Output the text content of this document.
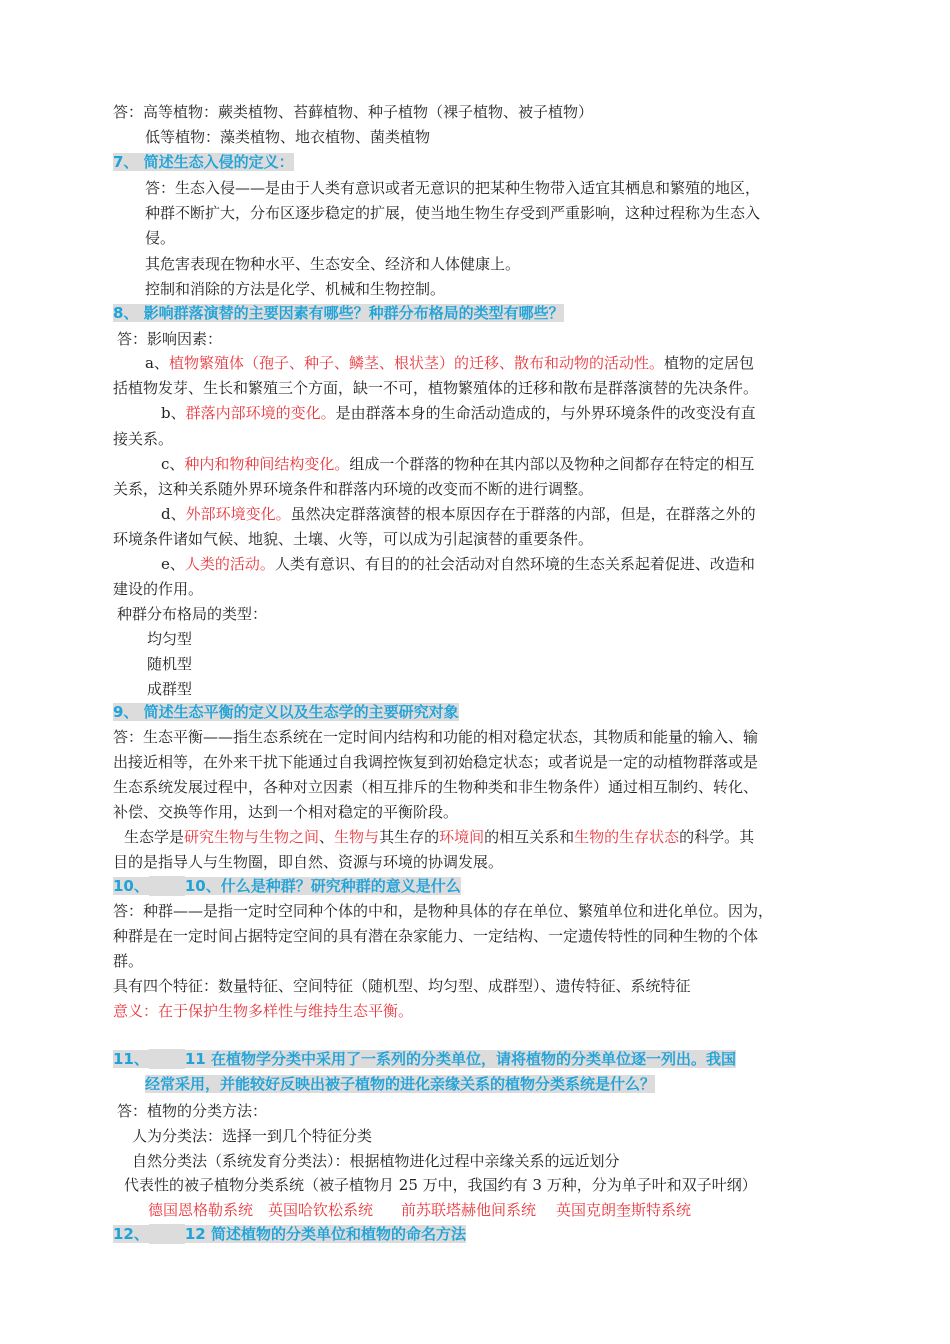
答：高等植物：蕨类植物、苔藓植物、种子植物（裸子植物、被子植物）
低等植物：藻类植物、地衣植物、菌类植物
7、 简述生态入侵的定义：
答：生态入侵——是由于人类有意识或者无意识的把某种生物带入适宜其栖息和繁殖的地区，
种群不断扩大，分布区逐步稳定的扩展，使当地生物生存受到严重影响，这种过程称为生态入
侵。
其危害表现在物种水平、生态安全、经济和人体健康上。
控制和消除的方法是化学、机械和生物控制。
8、 影响群落演替的主要因素有哪些？种群分布格局的类型有哪些？
答：影响因素：
a、植物繁殖体（孢子、种子、鳞茎、根状茎）的迁移、散布和动物的活动性。植物的定居包
括植物发芽、生长和繁殖三个方面，缺一不可，植物繁殖体的迁移和散布是群落演替的先决条件。
b、群落内部环境的变化。是由群落本身的生命活动造成的，与外界环境条件的改变没有直
接关系。
c、种内和物种间结构变化。组成一个群落的物种在其内部以及物种之间都存在特定的相互
关系，这种关系随外界环境条件和群落内环境的改变而不断的进行调整。
d、外部环境变化。虽然决定群落演替的根本原因存在于群落的内部，但是，在群落之外的
环境条件诸如气候、地貌、土壤、火等，可以成为引起演替的重要条件。
e、人类的活动。人类有意识、有目的的社会活动对自然环境的生态关系起着促进、改造和
建设的作用。
种群分布格局的类型：
均匀型
随机型
成群型
9、 简述生态平衡的定义以及生态学的主要研究对象
答：生态平衡——指生态系统在一定时间内结构和功能的相对稳定状态，其物质和能量的输入、输
出接近相等，在外来干扰下能通过自我调控恢复到初始稳定状态；或者说是一定的动植物群落或是
生态系统发展过程中，各种对立因素（相互排斥的生物种类和非生物条件）通过相互制约、转化、
补偿、交换等作用，达到一个相对稳定的平衡阶段。
生态学是研究生物与生物之间、生物与其生存的环境间的相互关系和生物的生存状态的科学。其
目的是指导人与生物圈，即自然、资源与环境的协调发展。
10、 10、什么是种群？研究种群的意义是什么
答：种群——是指一定时空同种个体的中和，是物种具体的存在单位、繁殖单位和进化单位。因为，
种群是在一定时间占据特定空间的具有潜在杂家能力、一定结构、一定遗传特性的同种生物的个体
群。
具有四个特征：数量特征、空间特征（随机型、均匀型、成群型）、遗传特征、系统特征
意义：在于保护生物多样性与维持生态平衡。
11、 11 在植物学分类中采用了一系列的分类单位，请将植物的分类单位逐一列出。我国
经常采用，并能较好反映出被子植物的进化亲缘关系的植物分类系统是什么？
答：植物的分类方法：
人为分类法：选择一到几个特征分类
自然分类法（系统发育分类法）：根据植物进化过程中亲缘关系的远近划分
代表性的被子植物分类系统（被子植物月 25 万中，我国约有 3 万种，分为单子叶和双子叶纲）
德国恩格勒系统 英国哈钦松系统 前苏联塔赫他间系统 英国克朗奎斯特系统
12、 12 简述植物的分类单位和植物的命名方法
